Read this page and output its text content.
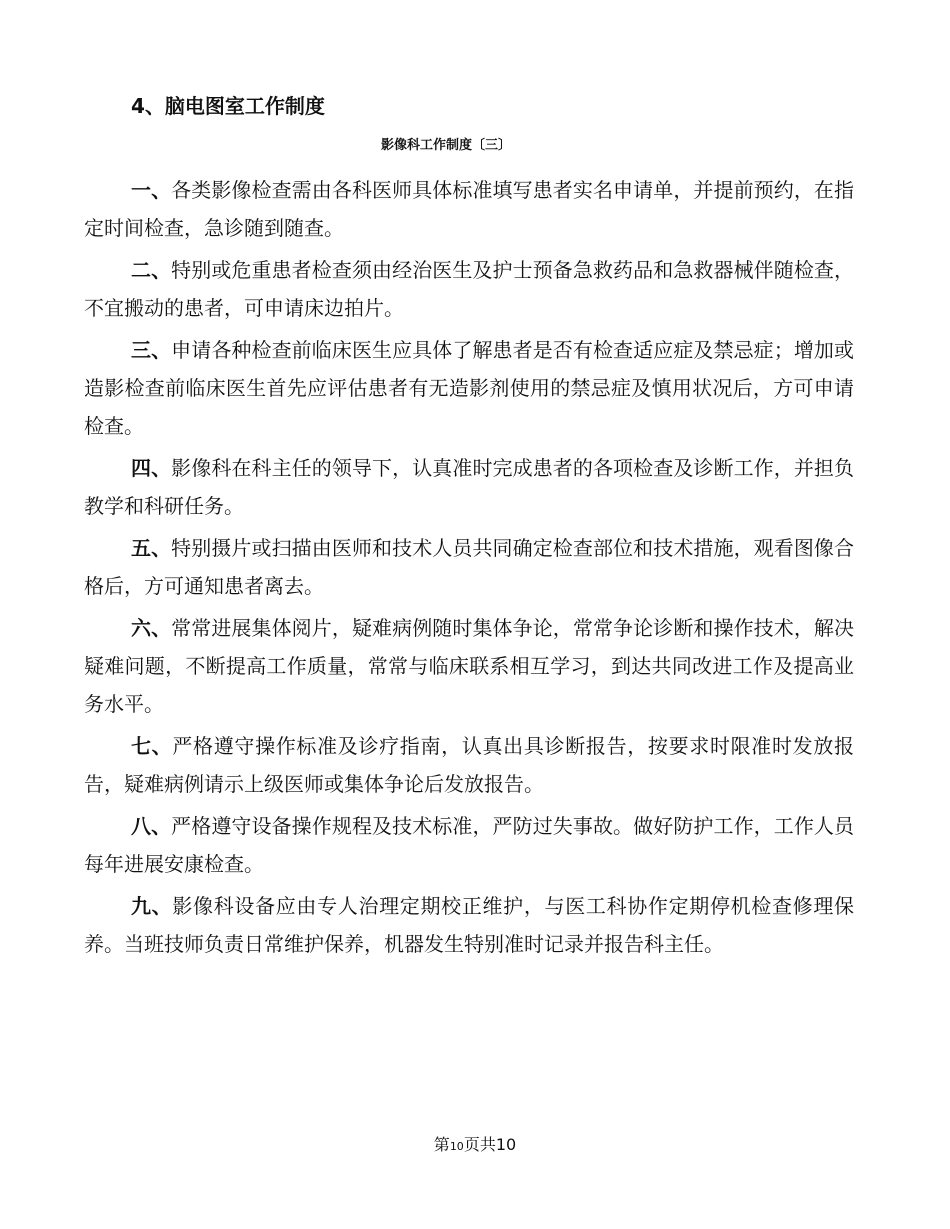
4、脑电图室工作制度
影像科工作制度〔三〕

一、各类影像检查需由各科医师具体标准填写患者实名申请单，并提前预约，在指定时间检查，急诊随到随查。

二、特别或危重患者检查须由经治医生及护士预备急救药品和急救器械伴随检查，不宜搬动的患者，可申请床边拍片。

三、申请各种检查前临床医生应具体了解患者是否有检查适应症及禁忌症；增加或造影检查前临床医生首先应评估患者有无造影剂使用的禁忌症及慎用状况后，方可申请检查。

四、影像科在科主任的领导下，认真准时完成患者的各项检查及诊断工作，并担负教学和科研任务。

五、特别摄片或扫描由医师和技术人员共同确定检查部位和技术措施，观看图像合格后，方可通知患者离去。

六、常常进展集体阅片，疑难病例随时集体争论，常常争论诊断和操作技术，解决疑难问题，不断提高工作质量，常常与临床联系相互学习，到达共同改进工作及提高业务水平。

七、严格遵守操作标准及诊疗指南，认真出具诊断报告，按要求时限准时发放报告，疑难病例请示上级医师或集体争论后发放报告。

八、严格遵守设备操作规程及技术标准，严防过失事故。做好防护工作，工作人员每年进展安康检查。

九、影像科设备应由专人治理定期校正维护，与医工科协作定期停机检查修理保养。当班技师负责日常维护保养，机器发生特别准时记录并报告科主任。

第10页共10
